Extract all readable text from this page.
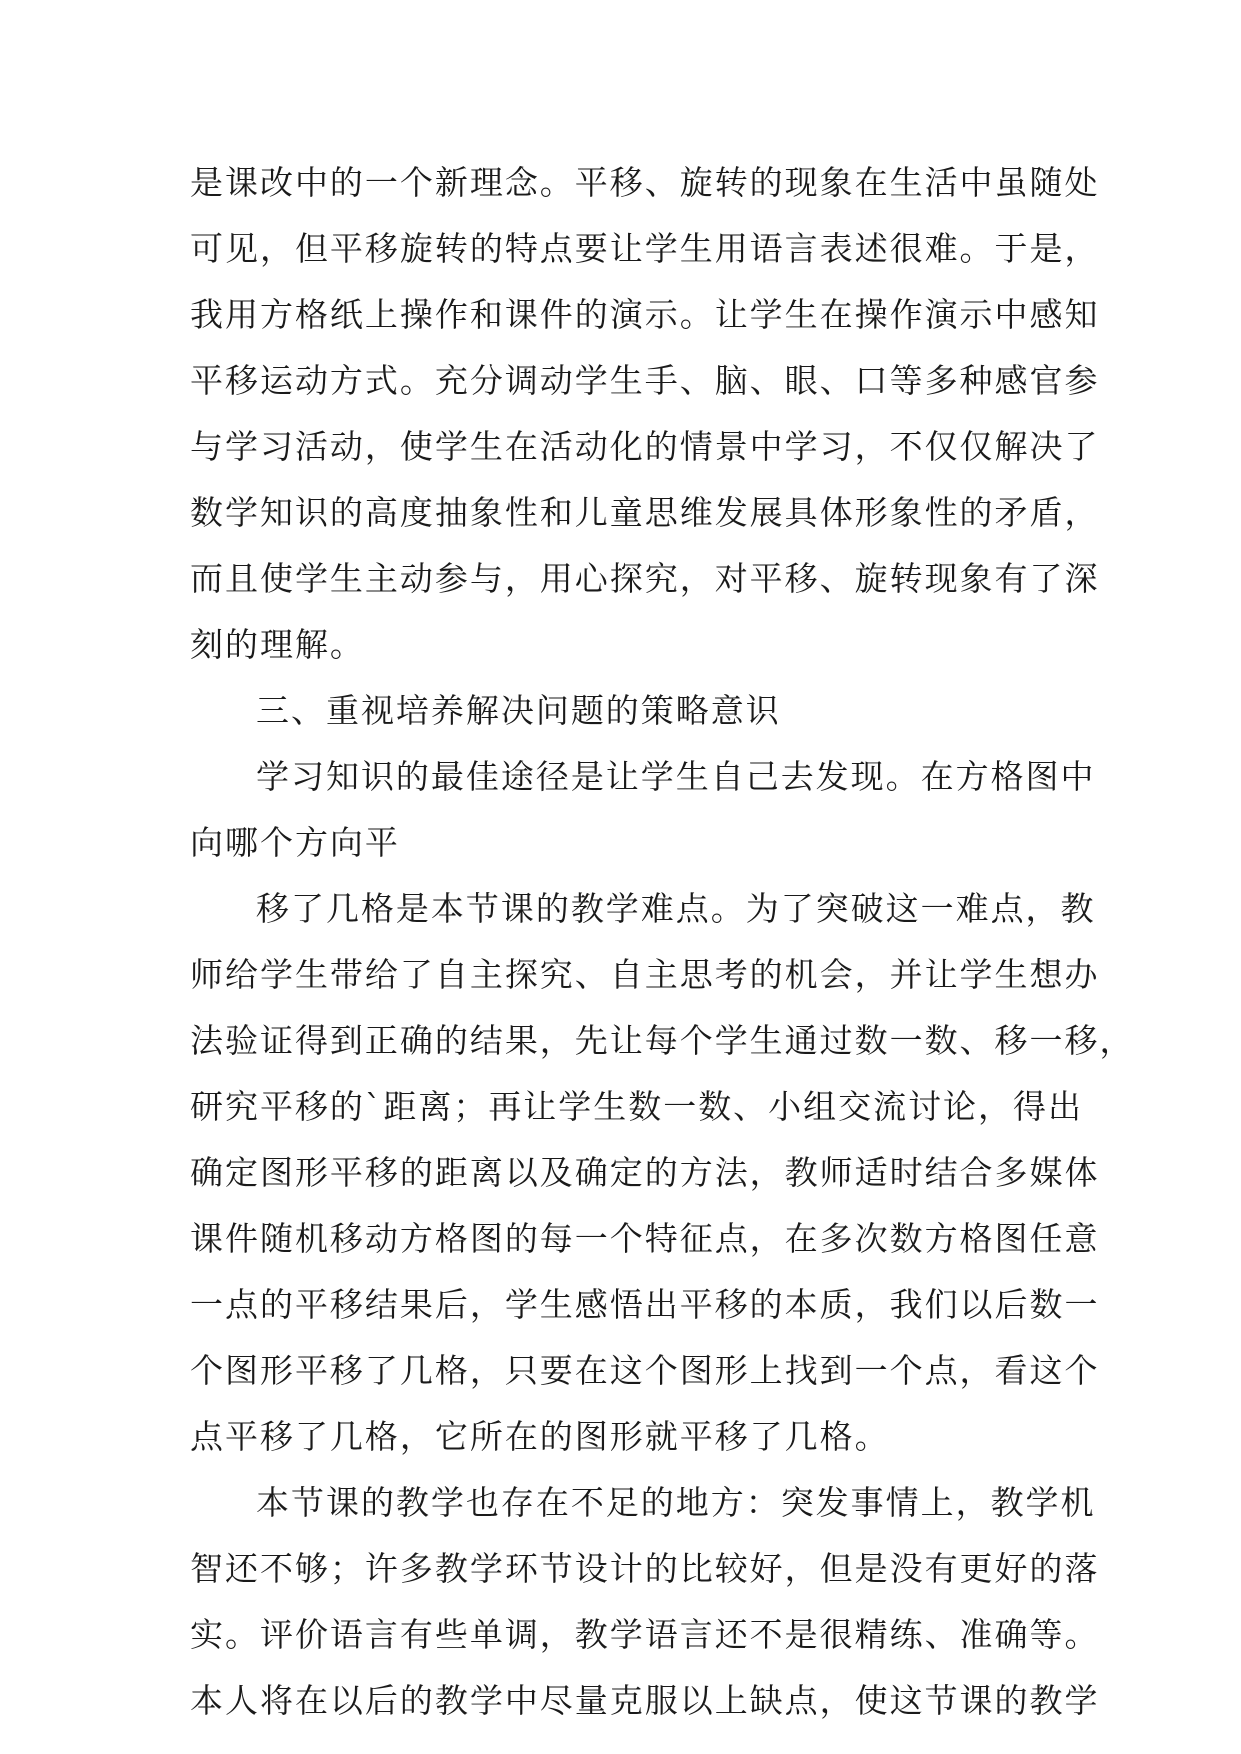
是课改中的一个新理念。平移、旋转的现象在生活中虽随处
可见，但平移旋转的特点要让学生用语言表述很难。于是，
我用方格纸上操作和课件的演示。让学生在操作演示中感知
平移运动方式。充分调动学生手、脑、眼、口等多种感官参
与学习活动，使学生在活动化的情景中学习，不仅仅解决了
数学知识的高度抽象性和儿童思维发展具体形象性的矛盾，
而且使学生主动参与，用心探究，对平移、旋转现象有了深
刻的理解。
三、重视培养解决问题的策略意识
学习知识的最佳途径是让学生自己去发现。在方格图中
向哪个方向平
移了几格是本节课的教学难点。为了突破这一难点，教
师给学生带给了自主探究、自主思考的机会，并让学生想办
法验证得到正确的结果，先让每个学生通过数一数、移一移，
研究平移的`距离；再让学生数一数、小组交流讨论，得出
确定图形平移的距离以及确定的方法，教师适时结合多媒体
课件随机移动方格图的每一个特征点，在多次数方格图任意
一点的平移结果后，学生感悟出平移的本质，我们以后数一
个图形平移了几格，只要在这个图形上找到一个点，看这个
点平移了几格，它所在的图形就平移了几格。
本节课的教学也存在不足的地方：突发事情上，教学机
智还不够；许多教学环节设计的比较好，但是没有更好的落
实。评价语言有些单调，教学语言还不是很精练、准确等。
本人将在以后的教学中尽量克服以上缺点，使这节课的教学
